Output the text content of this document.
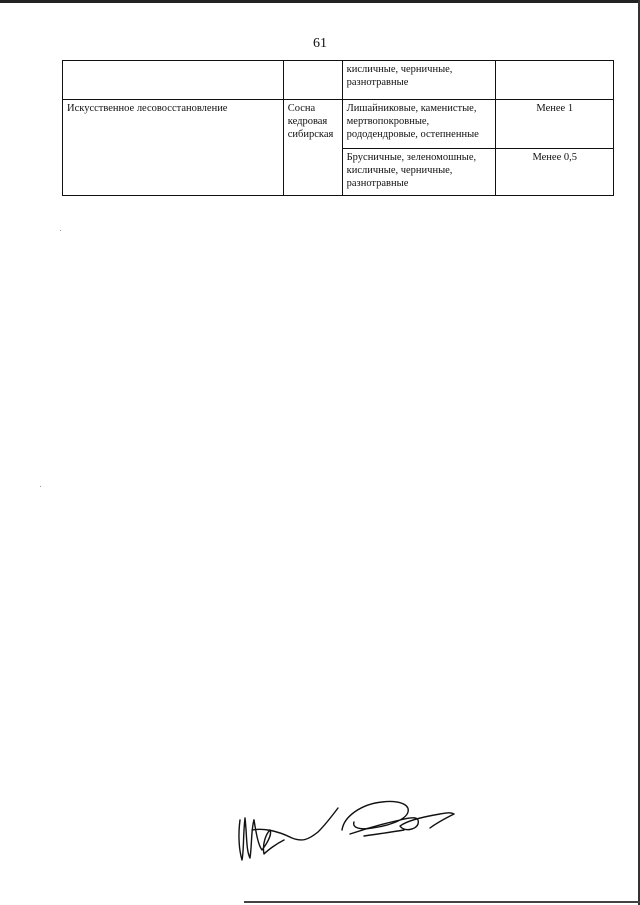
61
		кисличные, черничные, разнотравные	
Искусственное лесовосстановление	Сосна кедровая сибирская	Лишайниковые, каменистые, мертвопокровные, рододендровые, остепненные	Менее 1
		Брусничные, зеленомошные, кисличные, черничные, разнотравные	Менее 0,5
